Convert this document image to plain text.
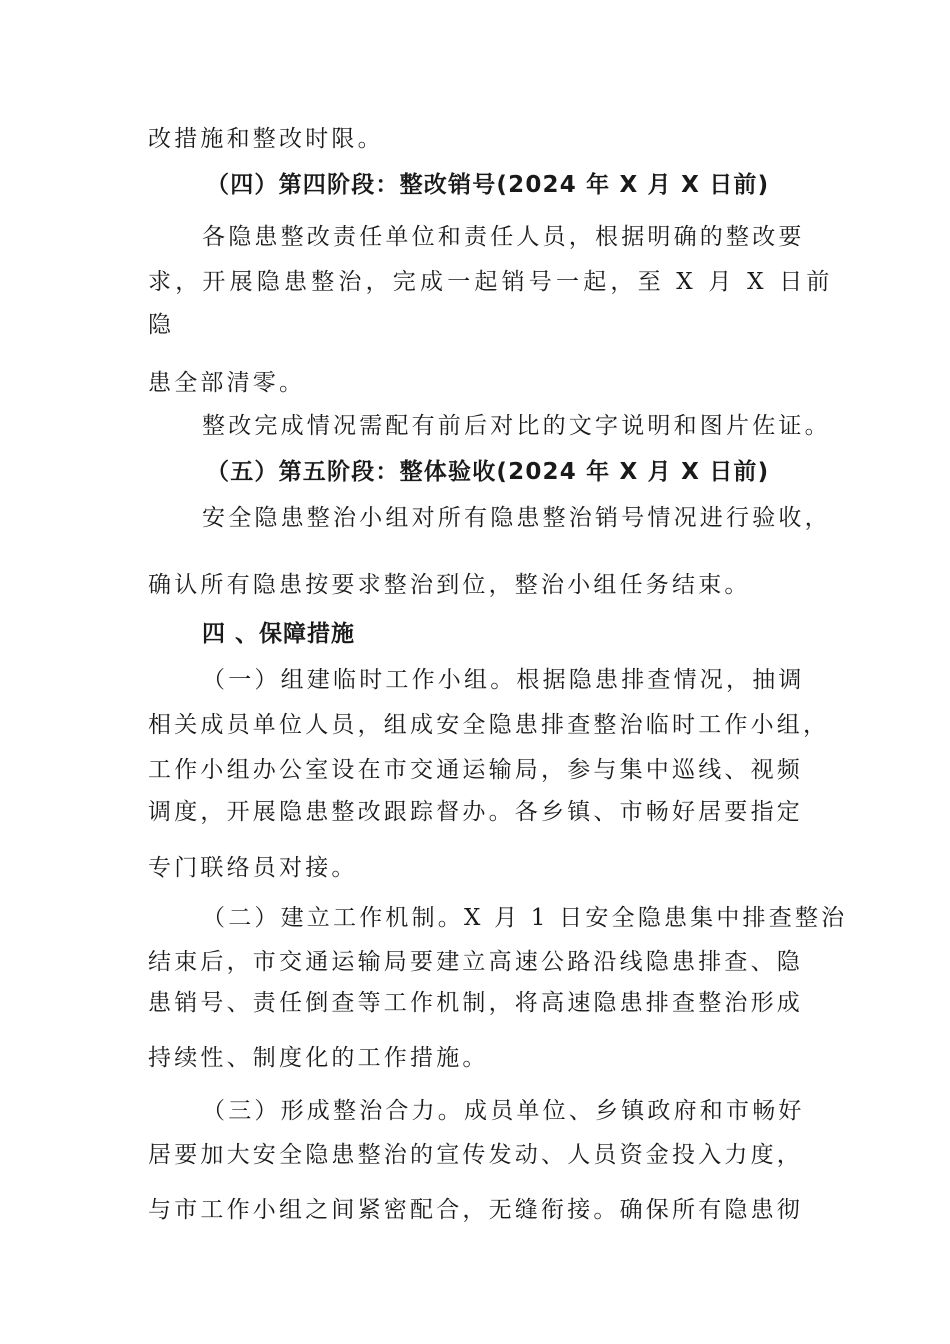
改措施和整改时限。
（四）第四阶段：整改销号(2024 年 X 月 X 日前)
各隐患整改责任单位和责任人员，根据明确的整改要
求，开展隐患整治，完成一起销号一起，至 X 月 X 日前
隐
患全部清零。
整改完成情况需配有前后对比的文字说明和图片佐证。
（五）第五阶段：整体验收(2024 年 X 月 X 日前)
安全隐患整治小组对所有隐患整治销号情况进行验收，
确认所有隐患按要求整治到位，整治小组任务结束。
四 、保障措施
（一）组建临时工作小组。根据隐患排查情况，抽调
相关成员单位人员，组成安全隐患排查整治临时工作小组，
工作小组办公室设在市交通运输局，参与集中巡线、视频
调度，开展隐患整改跟踪督办。各乡镇、市畅好居要指定
专门联络员对接。
（二）建立工作机制。X 月 1 日安全隐患集中排查整治
结束后，市交通运输局要建立高速公路沿线隐患排查、隐
患销号、责任倒查等工作机制，将高速隐患排查整治形成
持续性、制度化的工作措施。
（三）形成整治合力。成员单位、乡镇政府和市畅好
居要加大安全隐患整治的宣传发动、人员资金投入力度，
与市工作小组之间紧密配合，无缝衔接。确保所有隐患彻
